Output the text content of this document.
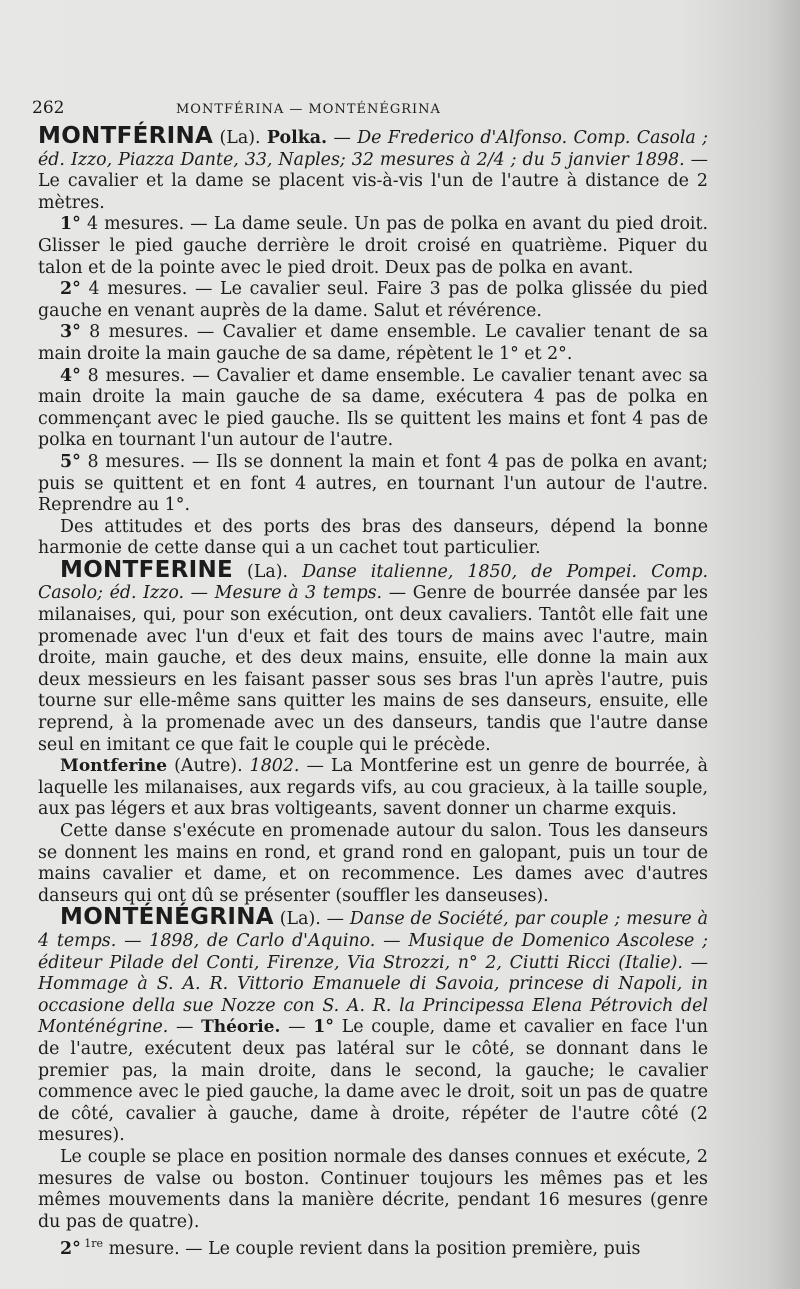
262	MONTFÉRINA — MONTÉNÉGRINA

MONTFÉRINA (La). Polka. — De Frederico d'Alfonso. Comp. Casola ; éd. Izzo, Piazza Dante, 33, Naples; 32 mesures à 2/4 ; du 5 janvier 1898. — Le cavalier et la dame se placent vis-à-vis l'un de l'autre à distance de 2 mètres.

1° 4 mesures. — La dame seule. Un pas de polka en avant du pied droit. Glisser le pied gauche derrière le droit croisé en quatrième. Piquer du talon et de la pointe avec le pied droit. Deux pas de polka en avant.

2° 4 mesures. — Le cavalier seul. Faire 3 pas de polka glissée du pied gauche en venant auprès de la dame. Salut et révérence.

3° 8 mesures. — Cavalier et dame ensemble. Le cavalier tenant de sa main droite la main gauche de sa dame, répètent le 1° et 2°.

4° 8 mesures. — Cavalier et dame ensemble. Le cavalier tenant avec sa main droite la main gauche de sa dame, exécutera 4 pas de polka en commençant avec le pied gauche. Ils se quittent les mains et font 4 pas de polka en tournant l'un autour de l'autre.

5° 8 mesures. — Ils se donnent la main et font 4 pas de polka en avant; puis se quittent et en font 4 autres, en tournant l'un autour de l'autre. Reprendre au 1°.

Des attitudes et des ports des bras des danseurs, dépend la bonne harmonie de cette danse qui a un cachet tout particulier.

MONTFERINE (La). Danse italienne, 1850, de Pompei. Comp. Casolo; éd. Izzo. — Mesure à 3 temps. — Genre de bourrée dansée par les milanaises, qui, pour son exécution, ont deux cavaliers. Tantôt elle fait une promenade avec l'un d'eux et fait des tours de mains avec l'autre, main droite, main gauche, et des deux mains, ensuite, elle donne la main aux deux messieurs en les faisant passer sous ses bras l'un après l'autre, puis tourne sur elle-même sans quitter les mains de ses danseurs, ensuite, elle reprend, à la promenade avec un des danseurs, tandis que l'autre danse seul en imitant ce que fait le couple qui le précède.

Montferine (Autre). 1802. — La Montferine est un genre de bourrée, à laquelle les milanaises, aux regards vifs, au cou gracieux, à la taille souple, aux pas légers et aux bras voltigeants, savent donner un charme exquis.

Cette danse s'exécute en promenade autour du salon. Tous les danseurs se donnent les mains en rond, et grand rond en galopant, puis un tour de mains cavalier et dame, et on recommence. Les dames avec d'autres danseurs qui ont dû se présenter (souffler les danseuses).

MONTÉNÉGRINA (La). — Danse de Société, par couple ; mesure à 4 temps. — 1898, de Carlo d'Aquino. — Musique de Domenico Ascolese ; éditeur Pilade del Conti, Firenze, Via Strozzi, n° 2, Ciutti Ricci (Italie). — Hommage à S. A. R. Vittorio Emanuele di Savoia, princese di Napoli, in occasione della sue Nozze con S. A. R. la Principessa Elena Pétrovich del Monténégrine. — Théorie. — 1° Le couple, dame et cavalier en face l'un de l'autre, exécutent deux pas latéral sur le côté, se donnant dans le premier pas, la main droite, dans le second, la gauche; le cavalier commence avec le pied gauche, la dame avec le droit, soit un pas de quatre de côté, cavalier à gauche, dame à droite, répéter de l'autre côté (2 mesures).

Le couple se place en position normale des danses connues et exécute, 2 mesures de valse ou boston. Continuer toujours les mêmes pas et les mêmes mouvements dans la manière décrite, pendant 16 mesures (genre du pas de quatre).

2°  $^{1re}$ mesure. — Le couple revient dans la position première, puis
